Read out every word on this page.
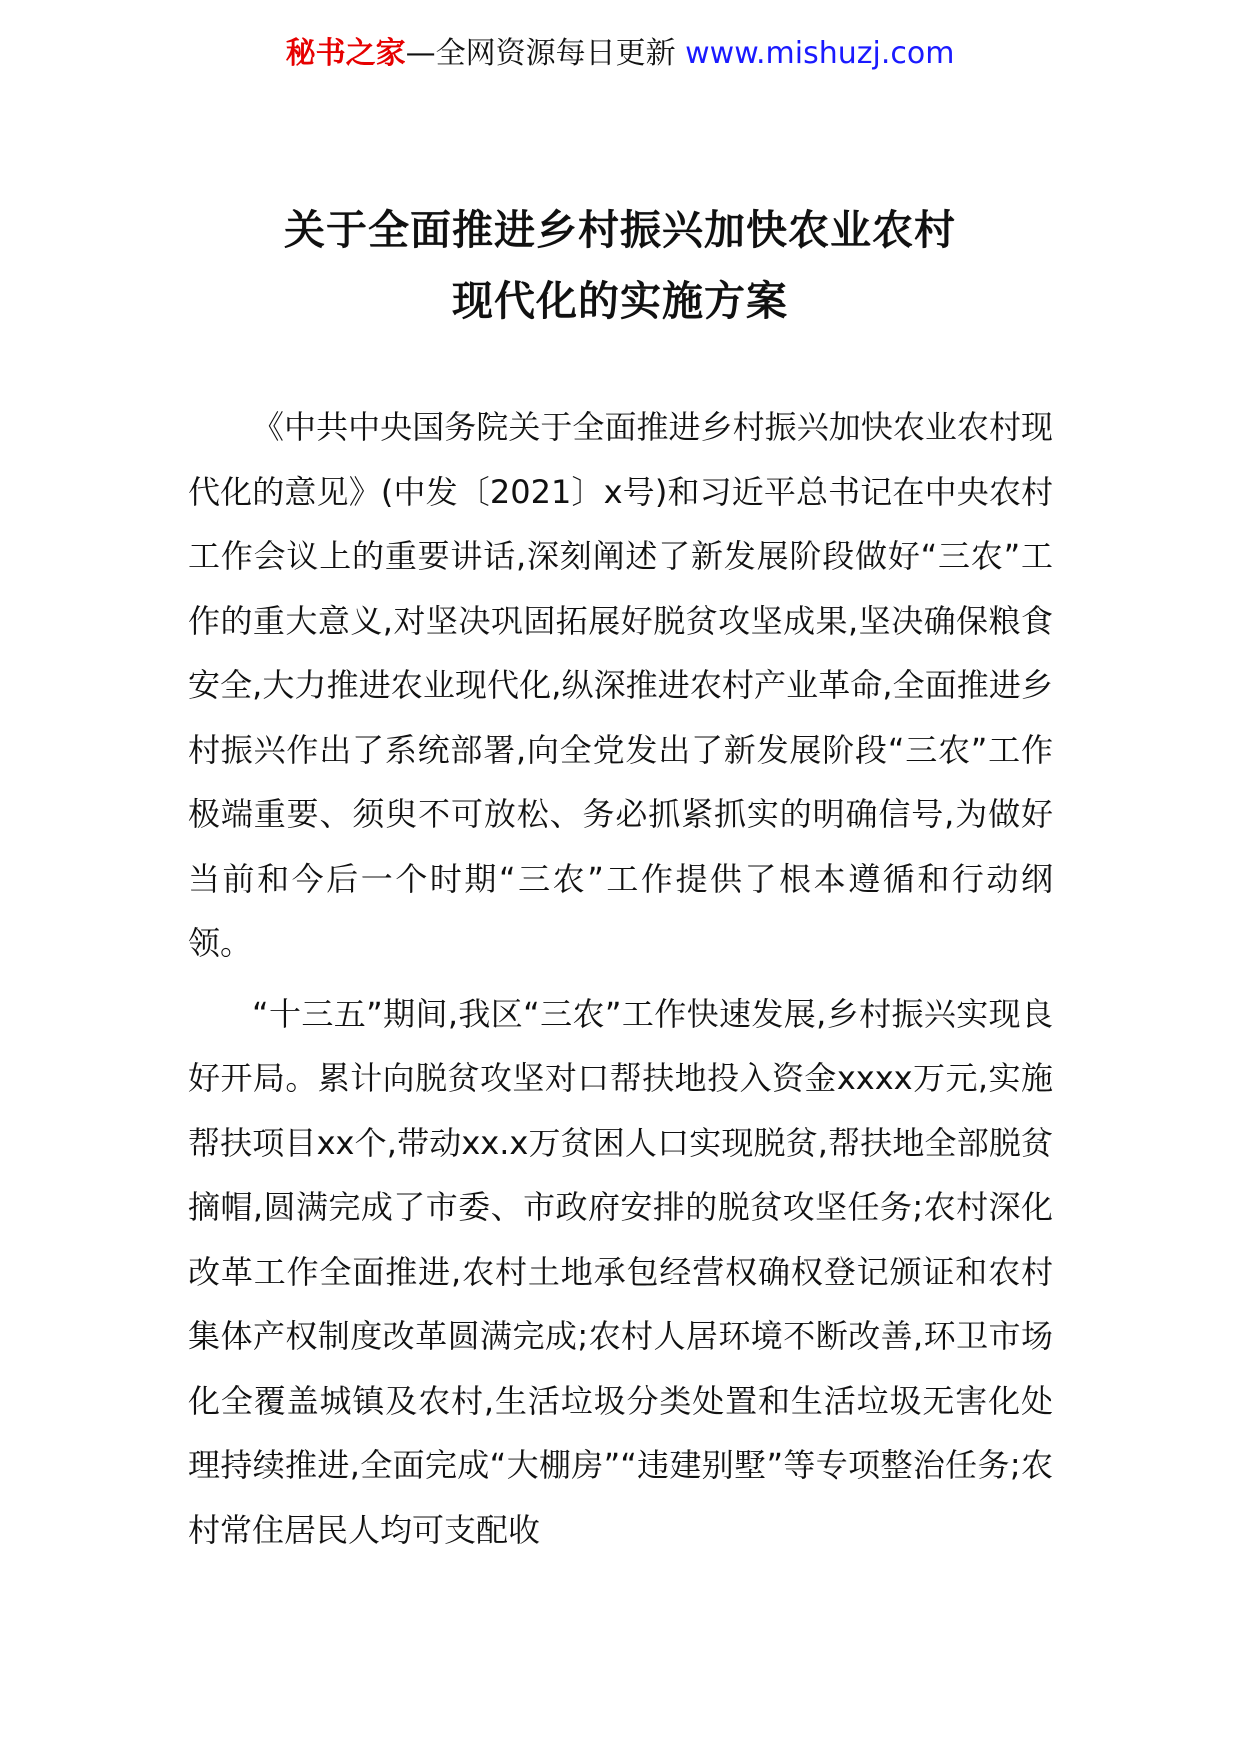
秘书之家—全网资源每日更新 www.mishuzj.com
关于全面推进乡村振兴加快农业农村
现代化的实施方案

《中共中央国务院关于全面推进乡村振兴加快农业农村现代化的意见》(中发〔2021〕x号)和习近平总书记在中央农村工作会议上的重要讲话,深刻阐述了新发展阶段做好“三农”工作的重大意义,对坚决巩固拓展好脱贫攻坚成果,坚决确保粮食安全,大力推进农业现代化,纵深推进农村产业革命,全面推进乡村振兴作出了系统部署,向全党发出了新发展阶段“三农”工作极端重要、须臾不可放松、务必抓紧抓实的明确信号,为做好当前和今后一个时期“三农”工作提供了根本遵循和行动纲领。

“十三五”期间,我区“三农”工作快速发展,乡村振兴实现良好开局。累计向脱贫攻坚对口帮扶地投入资金xxxx万元,实施帮扶项目xx个,带动xx.x万贫困人口实现脱贫,帮扶地全部脱贫摘帽,圆满完成了市委、市政府安排的脱贫攻坚任务;农村深化改革工作全面推进,农村土地承包经营权确权登记颁证和农村集体产权制度改革圆满完成;农村人居环境不断改善,环卫市场化全覆盖城镇及农村,生活垃圾分类处置和生活垃圾无害化处理持续推进,全面完成“大棚房”“违建别墅”等专项整治任务;农村常住居民人均可支配收
